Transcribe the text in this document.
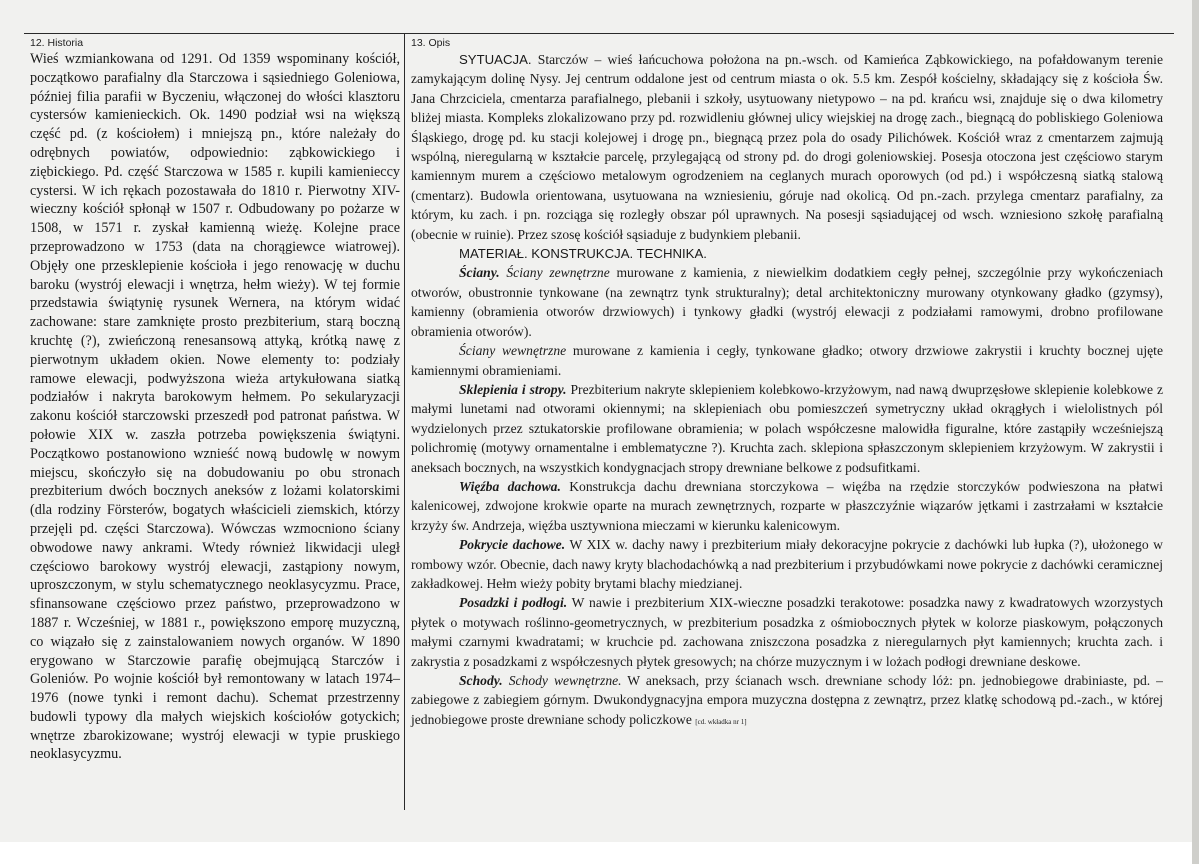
12. Historia

Wieś wzmiankowana od 1291. Od 1359 wspominany kościół, początkowo parafialny dla Starczowa i sąsiedniego Goleniowa, później filia parafii w Byczeniu, włączonej do włości klasztoru cystersów kamienieckich. Ok. 1490 podział wsi na większą część pd. (z kościołem) i mniejszą pn., które należały do odrębnych powiatów, odpowiednio: ząbkowickiego i ziębickiego. Pd. część Starczowa w 1585 r. kupili kamienieccy cystersi. W ich rękach pozostawała do 1810 r. Pierwotny XIV-wieczny kościół spłonął w 1507 r. Odbudowany po pożarze w 1508, w 1571 r. zyskał kamienną wieżę. Kolejne prace przeprowadzono w 1753 (data na chorągiewce wiatrowej). Objęły one przesklepienie kościoła i jego renowację w duchu baroku (wystrój elewacji i wnętrza, hełm wieży). W tej formie przedstawia świątynię rysunek Wernera, na którym widać zachowane: stare zamknięte prosto prezbiterium, starą boczną kruchtę (?), zwieńczoną renesansową attyką, krótką nawę z pierwotnym układem okien. Nowe elementy to: podziały ramowe elewacji, podwyższona wieża artykułowana siatką podziałów i nakryta barokowym hełmem. Po sekularyzacji zakonu kościół starczowski przeszedł pod patronat państwa. W połowie XIX w. zaszła potrzeba powiększenia świątyni. Początkowo postanowiono wznieść nową budowlę w nowym miejscu, skończyło się na dobudowaniu po obu stronach prezbiterium dwóch bocznych aneksów z lożami kolatorskimi (dla rodziny Försterów, bogatych właścicieli ziemskich, którzy przejęli pd. części Starczowa). Wówczas wzmocniono ściany obwodowe nawy ankrami. Wtedy również likwidacji uległ częściowo barokowy wystrój elewacji, zastąpiony nowym, uproszczonym, w stylu schematycznego neoklasycyzmu. Prace, sfinansowane częściowo przez państwo, przeprowadzono w 1887 r. Wcześniej, w 1881 r., powiększono emporę muzyczną, co wiązało się z zainstalowaniem nowych organów. W 1890 erygowano w Starczowie parafię obejmującą Starczów i Goleniów. Po wojnie kościół był remontowany w latach 1974–1976 (nowe tynki i remont dachu). Schemat przestrzenny budowli typowy dla małych wiejskich kościołów gotyckich; wnętrze zbarokizowane; wystrój elewacji w typie pruskiego neoklasycyzmu.

13. Opis

SYTUACJA. Starczów – wieś łańcuchowa położona na pn.-wsch. od Kamieńca Ząbkowickiego, na pofałdowanym terenie zamykającym dolinę Nysy. Jej centrum oddalone jest od centrum miasta o ok. 5.5 km. Zespół kościelny, składający się z kościoła Św. Jana Chrzciciela, cmentarza parafialnego, plebanii i szkoły, usytuowany nietypowo – na pd. krańcu wsi, znajduje się o dwa kilometry bliżej miasta. Kompleks zlokalizowano przy pd. rozwidleniu głównej ulicy wiejskiej na drogę zach., biegnącą do pobliskiego Goleniowa Śląskiego, drogę pd. ku stacji kolejowej i drogę pn., biegnącą przez pola do osady Pilichówek. Kościół wraz z cmentarzem zajmują wspólną, nieregularną w kształcie parcelę, przylegającą od strony pd. do drogi goleniowskiej. Posesja otoczona jest częściowo starym kamiennym murem a częściowo metalowym ogrodzeniem na ceglanych murach oporowych (od pd.) i współczesną siatką stalową (cmentarz). Budowla orientowana, usytuowana na wzniesieniu, góruje nad okolicą. Od pn.-zach. przylega cmentarz parafialny, za którym, ku zach. i pn. rozciąga się rozległy obszar pól uprawnych. Na posesji sąsiadującej od wsch. wzniesiono szkołę parafialną (obecnie w ruinie). Przez szosę kościół sąsiaduje z budynkiem plebanii.

MATERIAŁ. KONSTRUKCJA. TECHNIKA.

Ściany. Ściany zewnętrzne murowane z kamienia, z niewielkim dodatkiem cegły pełnej, szczególnie przy wykończeniach otworów, obustronnie tynkowane (na zewnątrz tynk strukturalny); detal architektoniczny murowany otynkowany gładko (gzymsy), kamienny (obramienia otworów drzwiowych) i tynkowy gładki (wystrój elewacji z podziałami ramowymi, drobno profilowane obramienia otworów).

Ściany wewnętrzne murowane z kamienia i cegły, tynkowane gładko; otwory drzwiowe zakrystii i kruchty bocznej ujęte kamiennymi obramieniami.

Sklepienia i stropy. Prezbiterium nakryte sklepieniem kolebkowo-krzyżowym, nad nawą dwuprzęsłowe sklepienie kolebkowe z małymi lunetami nad otworami okiennymi; na sklepieniach obu pomieszczeń symetryczny układ okrągłych i wielolistnych pól wydzielonych przez sztukatorskie profilowane obramienia; w polach współczesne malowidła figuralne, które zastąpiły wcześniejszą polichromię (motywy ornamentalne i emblematyczne ?). Kruchta zach. sklepiona spłaszczonym sklepieniem krzyżowym. W zakrystii i aneksach bocznych, na wszystkich kondygnacjach stropy drewniane belkowe z podsufitkami.

Więźba dachowa. Konstrukcja dachu drewniana storczykowa – więźba na rzędzie storczyków podwieszona na płatwi kalenicowej, zdwojone krokwie oparte na murach zewnętrznych, rozparte w płaszczyźnie wiązarów jętkami i zastrzałami w kształcie krzyży św. Andrzeja, więźba usztywniona mieczami w kierunku kalenicowym.

Pokrycie dachowe. W XIX w. dachy nawy i prezbiterium miały dekoracyjne pokrycie z dachówki lub łupka (?), ułożonego w rombowy wzór. Obecnie, dach nawy kryty blachodachówką a nad prezbiterium i przybudówkami nowe pokrycie z dachówki ceramicznej zakładkowej. Hełm wieży pobity brytami blachy miedzianej.

Posadzki i podłogi. W nawie i prezbiterium XIX-wieczne posadzki terakotowe: posadzka nawy z kwadratowych wzorzystych płytek o motywach roślinno-geometrycznych, w prezbiterium posadzka z ośmiobocznych płytek w kolorze piaskowym, połączonych małymi czarnymi kwadratami; w kruchcie pd. zachowana zniszczona posadzka z nieregularnych płyt kamiennych; kruchta zach. i zakrystia z posadzkami z współczesnych płytek gresowych; na chórze muzycznym i w lożach podłogi drewniane deskowe.

Schody. Schody wewnętrzne. W aneksach, przy ścianach wsch. drewniane schody lóż: pn. jednobiegowe drabiniaste, pd. – zabiegowe z zabiegiem górnym. Dwukondygnacyjna empora muzyczna dostępna z zewnątrz, przez klatkę schodową pd.-zach., w której jednobiegowe proste drewniane schody policzkowe [cd. wkładka nr 1]
